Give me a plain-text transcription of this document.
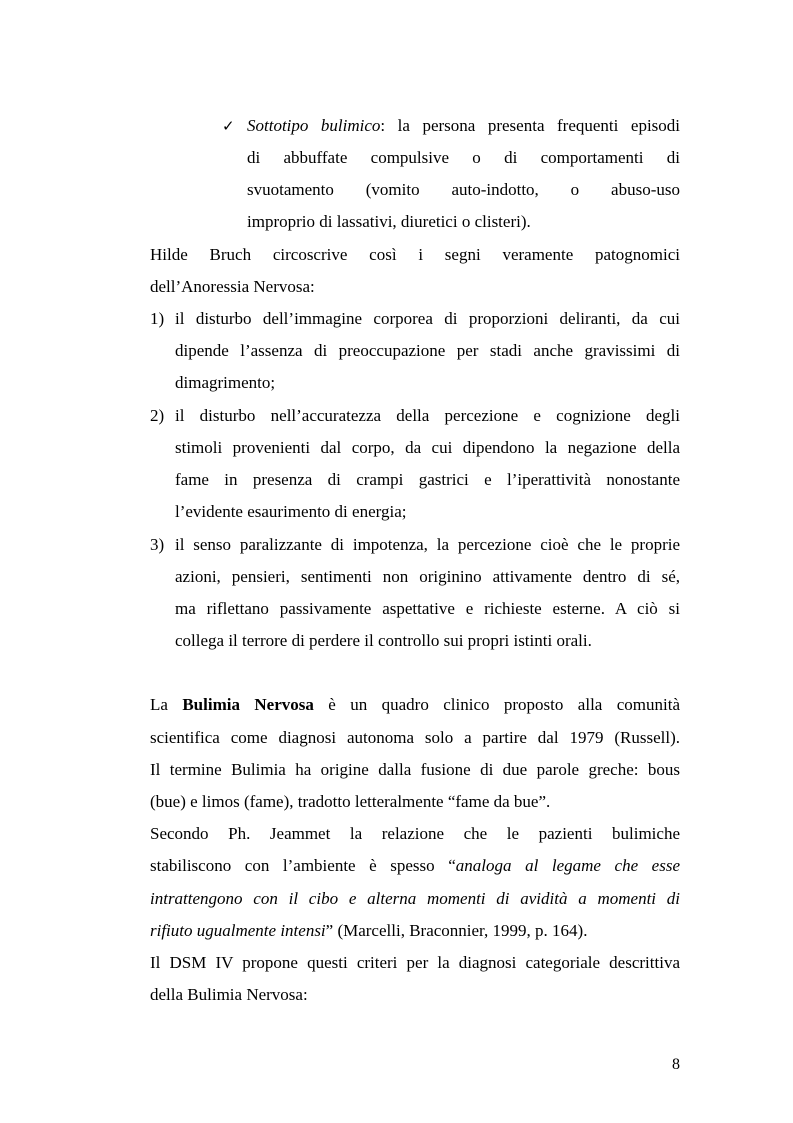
✓ Sottotipo bulimico: la persona presenta frequenti episodi
di abbuffate compulsive o di comportamenti di
svuotamento (vomito auto-indotto, o abuso-uso
improprio di lassativi, diuretici o clisteri).
Hilde Bruch circoscrive così i segni veramente patognomici
dell’Anoressia Nervosa:
1) il disturbo dell’immagine corporea di proporzioni deliranti, da cui
dipende l’assenza di preoccupazione per stadi anche gravissimi di
dimagrimento;
2) il disturbo nell’accuratezza della percezione e cognizione degli
stimoli provenienti dal corpo, da cui dipendono la negazione della
fame in presenza di crampi gastrici e l’iperattività nonostante
l’evidente esaurimento di energia;
3) il senso paralizzante di impotenza, la percezione cioè che le proprie
azioni, pensieri, sentimenti non originino attivamente dentro di sé,
ma riflettano passivamente aspettative e richieste esterne. A ciò si
collega il terrore di perdere il controllo sui propri istinti orali.
La Bulimia Nervosa è un quadro clinico proposto alla comunità
scientifica come diagnosi autonoma solo a partire dal 1979 (Russell).
Il termine Bulimia ha origine dalla fusione di due parole greche: bous
(bue) e limos (fame), tradotto letteralmente “fame da bue”.
Secondo Ph. Jeammet la relazione che le pazienti bulimiche
stabiliscono con l’ambiente è spesso “analoga al legame che esse
intrattengono con il cibo e alterna momenti di avidità a momenti di
rifiuto ugualmente intensi” (Marcelli, Braconnier, 1999, p. 164).
Il DSM IV propone questi criteri per la diagnosi categoriale descrittiva
della Bulimia Nervosa:
8
